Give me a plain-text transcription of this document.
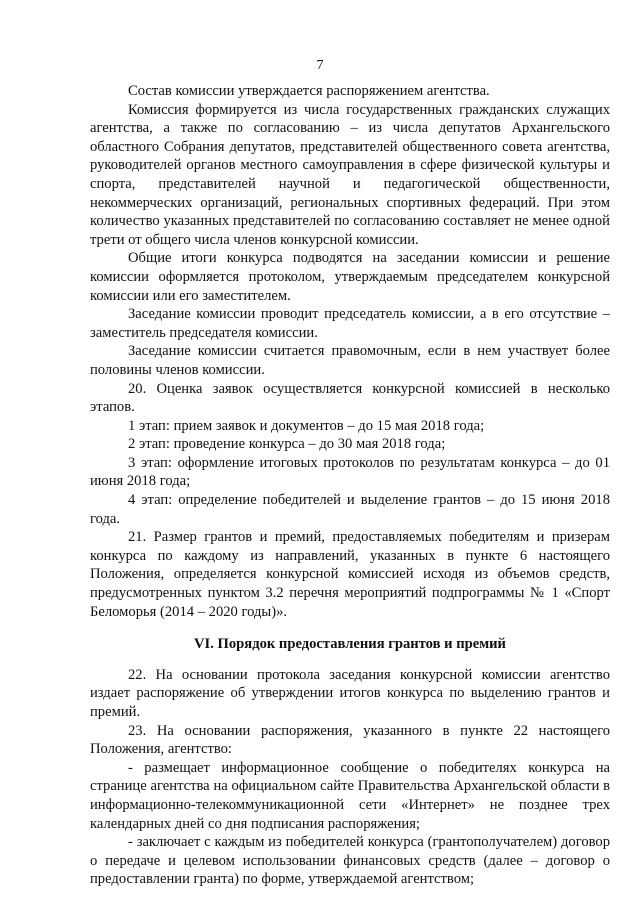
7

Состав комиссии утверждается распоряжением агентства.

Комиссия формируется из числа государственных гражданских служащих агентства, а также по согласованию – из числа депутатов Архангельского областного Собрания депутатов, представителей общественного совета агентства, руководителей органов местного самоуправления в сфере физической культуры и спорта, представителей научной и педагогической общественности, некоммерческих организаций, региональных спортивных федераций. При этом количество указанных представителей по согласованию составляет не менее одной трети от общего числа членов конкурсной комиссии.

Общие итоги конкурса подводятся на заседании комиссии и решение комиссии оформляется протоколом, утверждаемым председателем конкурсной комиссии или его заместителем.

Заседание комиссии проводит председатель комиссии, а в его отсутствие – заместитель председателя комиссии.

Заседание комиссии считается правомочным, если в нем участвует более половины членов комиссии.

20. Оценка заявок осуществляется конкурсной комиссией в несколько этапов.

1 этап: прием заявок и документов – до 15 мая 2018 года;

2 этап: проведение конкурса – до 30 мая 2018 года;

3 этап: оформление итоговых протоколов по результатам конкурса – до 01 июня 2018 года;

4 этап: определение победителей и выделение грантов – до 15 июня 2018 года.

21. Размер грантов и премий, предоставляемых победителям и призерам конкурса по каждому из направлений, указанных в пункте 6 настоящего Положения, определяется конкурсной комиссией исходя из объемов средств, предусмотренных пунктом 3.2 перечня мероприятий подпрограммы № 1 «Спорт Беломорья (2014 – 2020 годы)».

VI. Порядок предоставления грантов и премий

22. На основании протокола заседания конкурсной комиссии агентство издает распоряжение об утверждении итогов конкурса по выделению грантов и премий.

23. На основании распоряжения, указанного в пункте 22 настоящего Положения, агентство:

- размещает информационное сообщение о победителях конкурса на странице агентства на официальном сайте Правительства Архангельской области в информационно-телекоммуникационной сети «Интернет» не позднее трех календарных дней со дня подписания распоряжения;

- заключает с каждым из победителей конкурса (грантополучателем) договор о передаче и целевом использовании финансовых средств (далее – договор о предоставлении гранта) по форме, утверждаемой агентством;
